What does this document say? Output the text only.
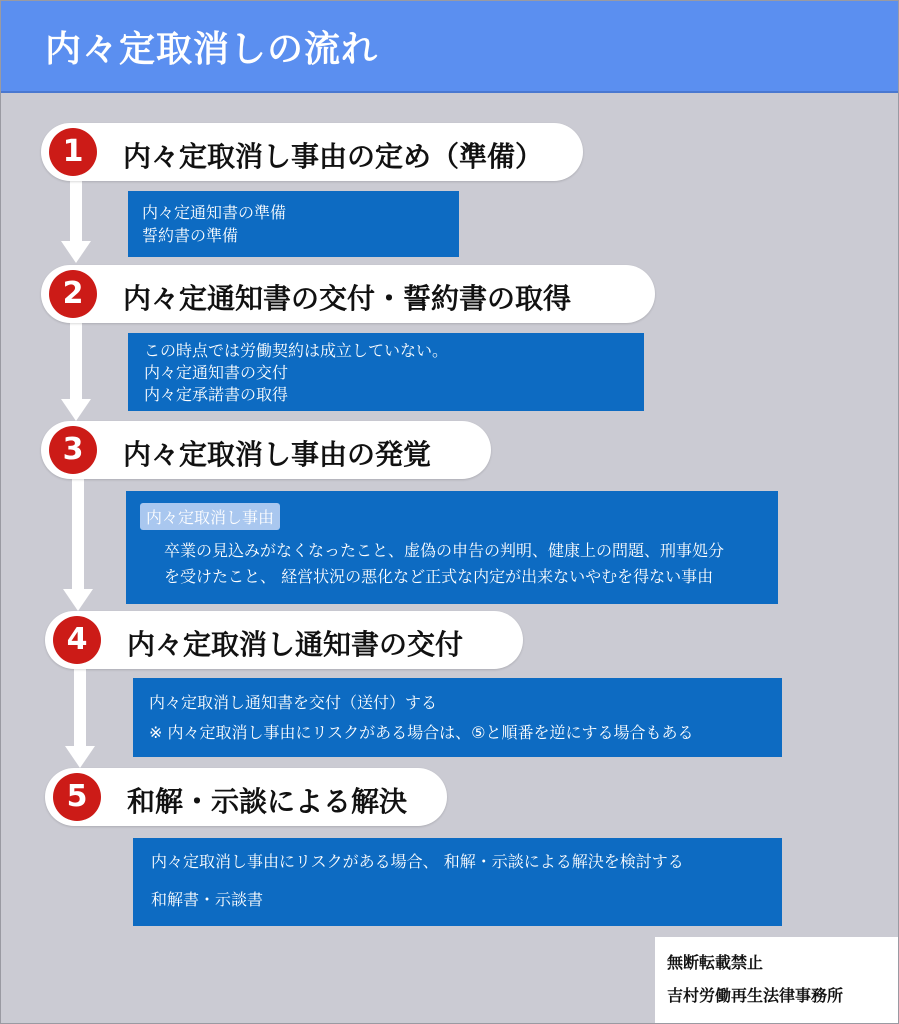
内々定取消しの流れ
1	内々定取消し事由の定め（準備）
内々定通知書の準備
誓約書の準備
2	内々定通知書の交付・誓約書の取得
この時点では労働契約は成立していない。
内々定通知書の交付
内々定承諾書の取得
3	内々定取消し事由の発覚
内々定取消し事由
卒業の見込みがなくなったこと、虚偽の申告の判明、健康上の問題、刑事処分
を受けたこと、 経営状況の悪化など正式な内定が出来ないやむを得ない事由
4	内々定取消し通知書の交付
内々定取消し通知書を交付（送付）する
※ 内々定取消し事由にリスクがある場合は、⑤と順番を逆にする場合もある
5	和解・示談による解決
内々定取消し事由にリスクがある場合、 和解・示談による解決を検討する
和解書・示談書
無断転載禁止
吉村労働再生法律事務所
